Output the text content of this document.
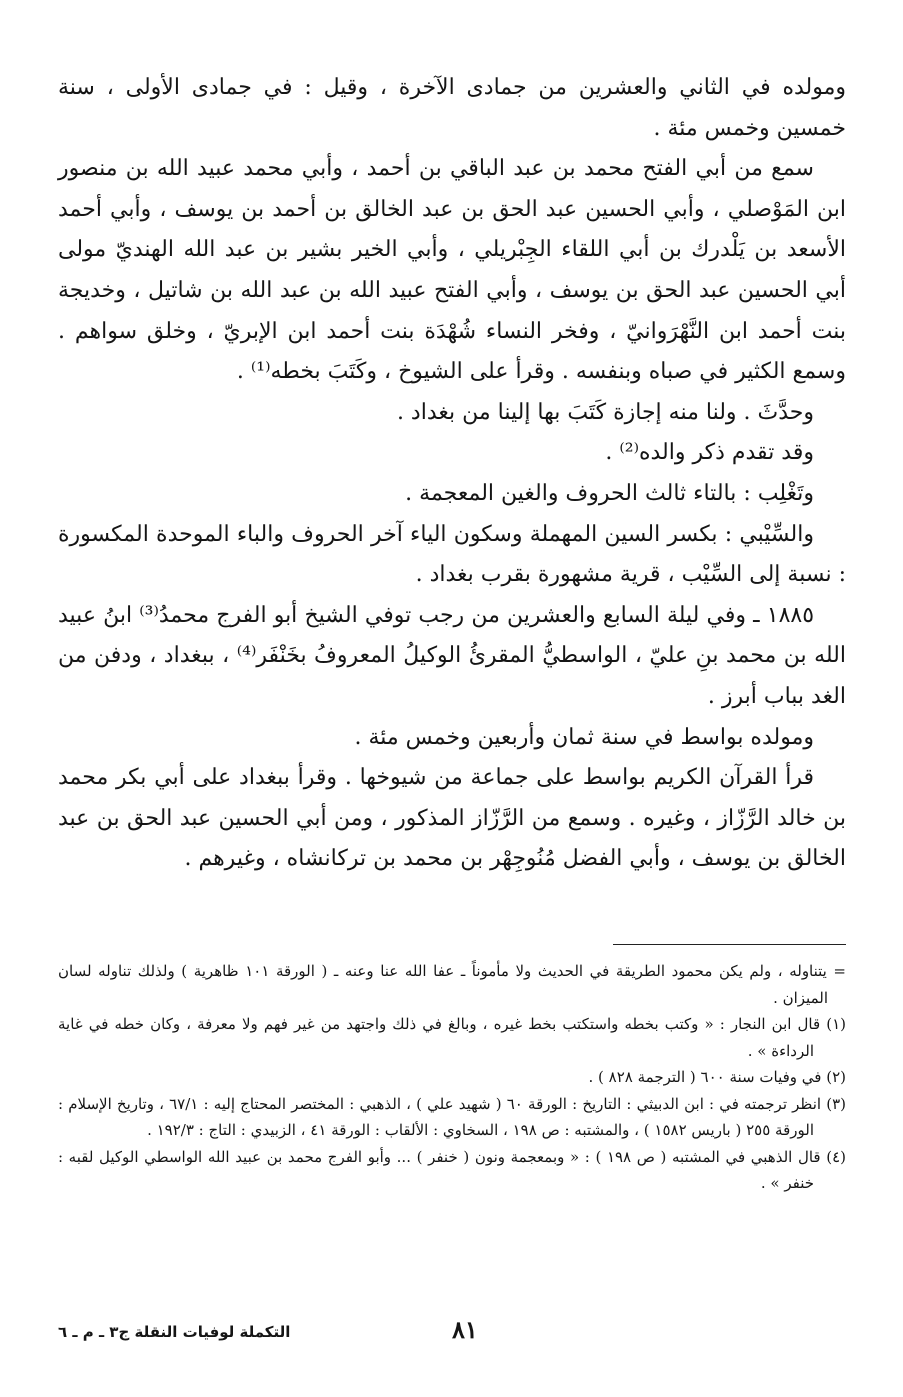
ومولده في الثاني والعشرين من جمادى الآخرة ، وقيل : في جمادى الأولى ، سنة خمسين وخمس مئة .

سمع من أبي الفتح محمد بن عبد الباقي بن أحمد ، وأبي محمد عبيد الله بن منصور ابن المَوْصلي ، وأبي الحسين عبد الحق بن عبد الخالق بن أحمد بن يوسف ، وأبي أحمد الأسعد بن يَلْدرك بن أبي اللقاء الجِبْريلي ، وأبي الخير بشير بن عبد الله الهنديّ مولى أبي الحسين عبد الحق بن يوسف ، وأبي الفتح عبيد الله بن عبد الله بن شاتيل ، وخديجة بنت أحمد ابن النَّهْرَوانيّ ، وفخر النساء شُهْدَة بنت أحمد ابن الإبريّ ، وخلق سواهم . وسمع الكثير في صباه وبنفسه . وقرأ على الشيوخ ، وكَتَبَ بخطه⁽¹⁾ .

وحدَّثَ . ولنا منه إجازة كَتَبَ بها إلينا من بغداد .

وقد تقدم ذكر والده⁽²⁾ .

وتَغْلِب : بالتاء ثالث الحروف والغين المعجمة .

والسِّيْبي : بكسر السين المهملة وسكون الياء آخر الحروف والباء الموحدة المكسورة : نسبة إلى السِّيْب ، قرية مشهورة بقرب بغداد .

١٨٨٥ ـ وفي ليلة السابع والعشرين من رجب توفي الشيخ أبو الفرج محمدُ⁽³⁾ ابنُ عبيد الله بن محمد بنِ عليّ ، الواسطيُّ المقرئُ الوكيلُ المعروفُ بخَنْفَر⁽⁴⁾ ، ببغداد ، ودفن من الغد بباب أبرز .

ومولده بواسط في سنة ثمان وأربعين وخمس مئة .

قرأ القرآن الكريم بواسط على جماعة من شيوخها . وقرأ ببغداد على أبي بكر محمد بن خالد الرَّزّاز ، وغيره . وسمع من الرَّزّاز المذكور ، ومن أبي الحسين عبد الحق بن عبد الخالق بن يوسف ، وأبي الفضل مُنُوجِهْر بن محمد بن تركانشاه ، وغيرهم .

= يتناوله ، ولم يكن محمود الطريقة في الحديث ولا مأموناً ـ عفا الله عنا وعنه ـ ( الورقة ١٠١ ظاهرية ) ولذلك تناوله لسان الميزان .

(١) قال ابن النجار : « وكتب بخطه واستكتب بخط غيره ، وبالغ في ذلك واجتهد من غير فهم ولا معرفة ، وكان خطه في غاية الرداءة » .

(٢) في وفيات سنة ٦٠٠ ( الترجمة ٨٢٨ ) .

(٣) انظر ترجمته في : ابن الدبيثي : التاريخ : الورقة ٦٠ ( شهيد علي ) ، الذهبي : المختصر المحتاج إليه : ٦٧/١ ، وتاريخ الإسلام : الورقة ٢٥٥ ( باريس ١٥٨٢ ) ، والمشتبه : ص ١٩٨ ، السخاوي : الألقاب : الورقة ٤١ ، الزبيدي : التاج : ١٩٢/٣ .

(٤) قال الذهبي في المشتبه ( ص ١٩٨ ) : « وبمعجمة ونون ( خنفر ) ... وأبو الفرج محمد بن عبيد الله الواسطي الوكيل لقبه : خنفر » .

٨١
التكملة لوفيات النقلة ج٣ ـ م ـ ٦
